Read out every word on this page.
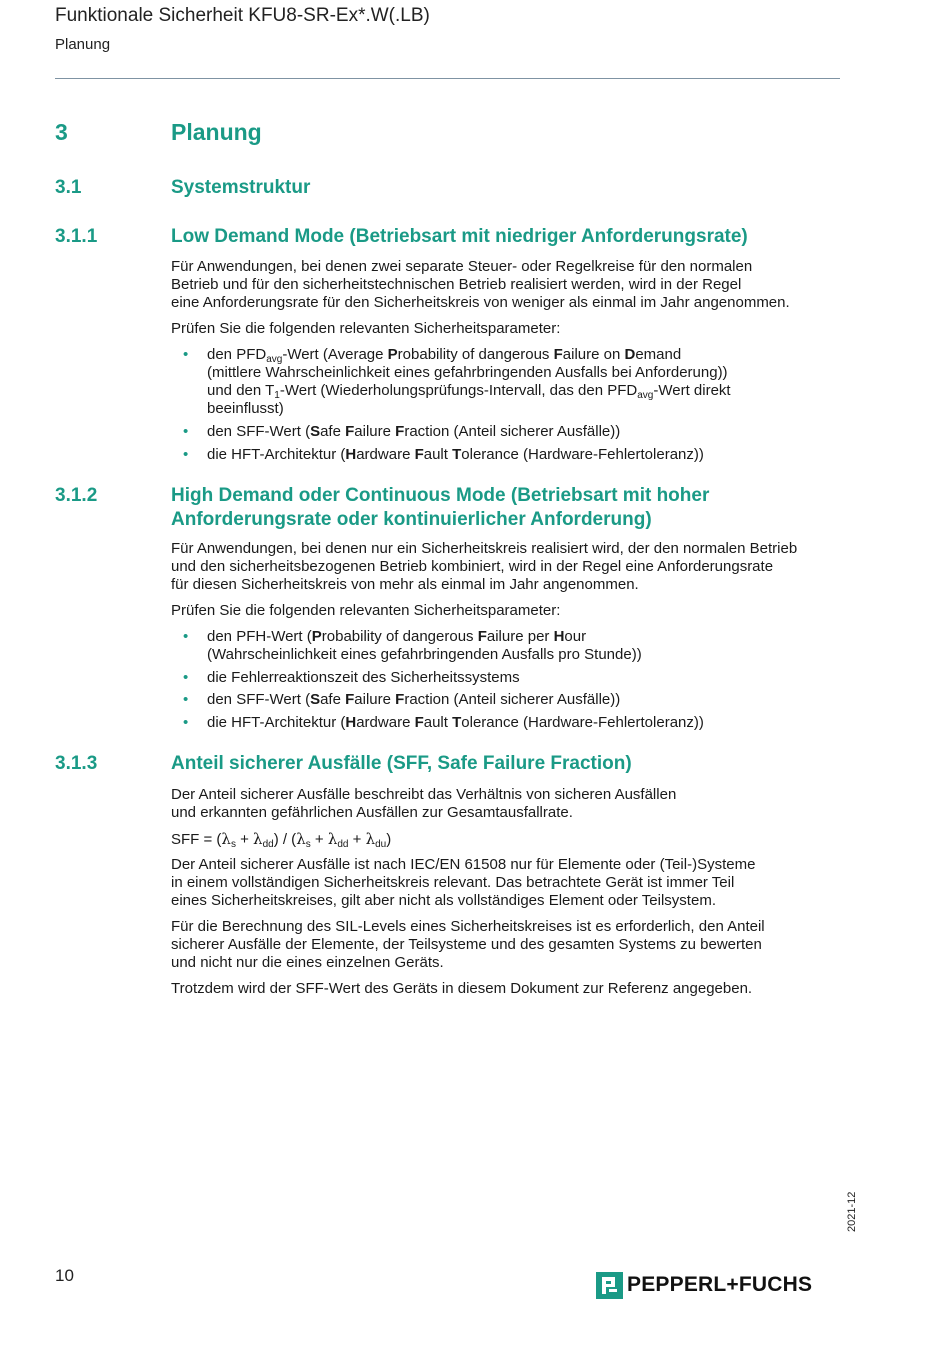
Funktionale Sicherheit KFU8-SR-Ex*.W(.LB)
Planung
3	Planung
3.1	Systemstruktur
3.1.1	Low Demand Mode (Betriebsart mit niedriger Anforderungsrate)
Für Anwendungen, bei denen zwei separate Steuer- oder Regelkreise für den normalen
Betrieb und für den sicherheitstechnischen Betrieb realisiert werden, wird in der Regel
eine Anforderungsrate für den Sicherheitskreis von weniger als einmal im Jahr angenommen.
Prüfen Sie die folgenden relevanten Sicherheitsparameter:
• den $PFD_{avg}$-Wert (Average Probability of dangerous Failure on Demand
(mittlere Wahrscheinlichkeit eines gefahrbringenden Ausfalls bei Anforderung))
und den $T_1$-Wert (Wiederholungsprüfungs-Intervall, das den $PFD_{avg}$-Wert direkt
beeinflusst)
• den SFF-Wert (Safe Failure Fraction (Anteil sicherer Ausfälle))
• die HFT-Architektur (Hardware Fault Tolerance (Hardware-Fehlertoleranz))
3.1.2	High Demand oder Continuous Mode (Betriebsart mit hoher
Anforderungsrate oder kontinuierlicher Anforderung)
Für Anwendungen, bei denen nur ein Sicherheitskreis realisiert wird, der den normalen Betrieb
und den sicherheitsbezogenen Betrieb kombiniert, wird in der Regel eine Anforderungsrate
für diesen Sicherheitskreis von mehr als einmal im Jahr angenommen.
Prüfen Sie die folgenden relevanten Sicherheitsparameter:
• den PFH-Wert (Probability of dangerous Failure per Hour
(Wahrscheinlichkeit eines gefahrbringenden Ausfalls pro Stunde))
• die Fehlerreaktionszeit des Sicherheitssystems
• den SFF-Wert (Safe Failure Fraction (Anteil sicherer Ausfälle))
• die HFT-Architektur (Hardware Fault Tolerance (Hardware-Fehlertoleranz))
3.1.3	Anteil sicherer Ausfälle (SFF, Safe Failure Fraction)
Der Anteil sicherer Ausfälle beschreibt das Verhältnis von sicheren Ausfällen
und erkannten gefährlichen Ausfällen zur Gesamtausfallrate.
SFF = $(\lambda_s + \lambda_{dd}) / (\lambda_s + \lambda_{dd} + \lambda_{du})$
Der Anteil sicherer Ausfälle ist nach IEC/EN 61508 nur für Elemente oder (Teil-)Systeme
in einem vollständigen Sicherheitskreis relevant. Das betrachtete Gerät ist immer Teil
eines Sicherheitskreises, gilt aber nicht als vollständiges Element oder Teilsystem.
Für die Berechnung des SIL-Levels eines Sicherheitskreises ist es erforderlich, den Anteil
sicherer Ausfälle der Elemente, der Teilsysteme und des gesamten Systems zu bewerten
und nicht nur die eines einzelnen Geräts.
Trotzdem wird der SFF-Wert des Geräts in diesem Dokument zur Referenz angegeben.
2021-12
10	PEPPERL+FUCHS
